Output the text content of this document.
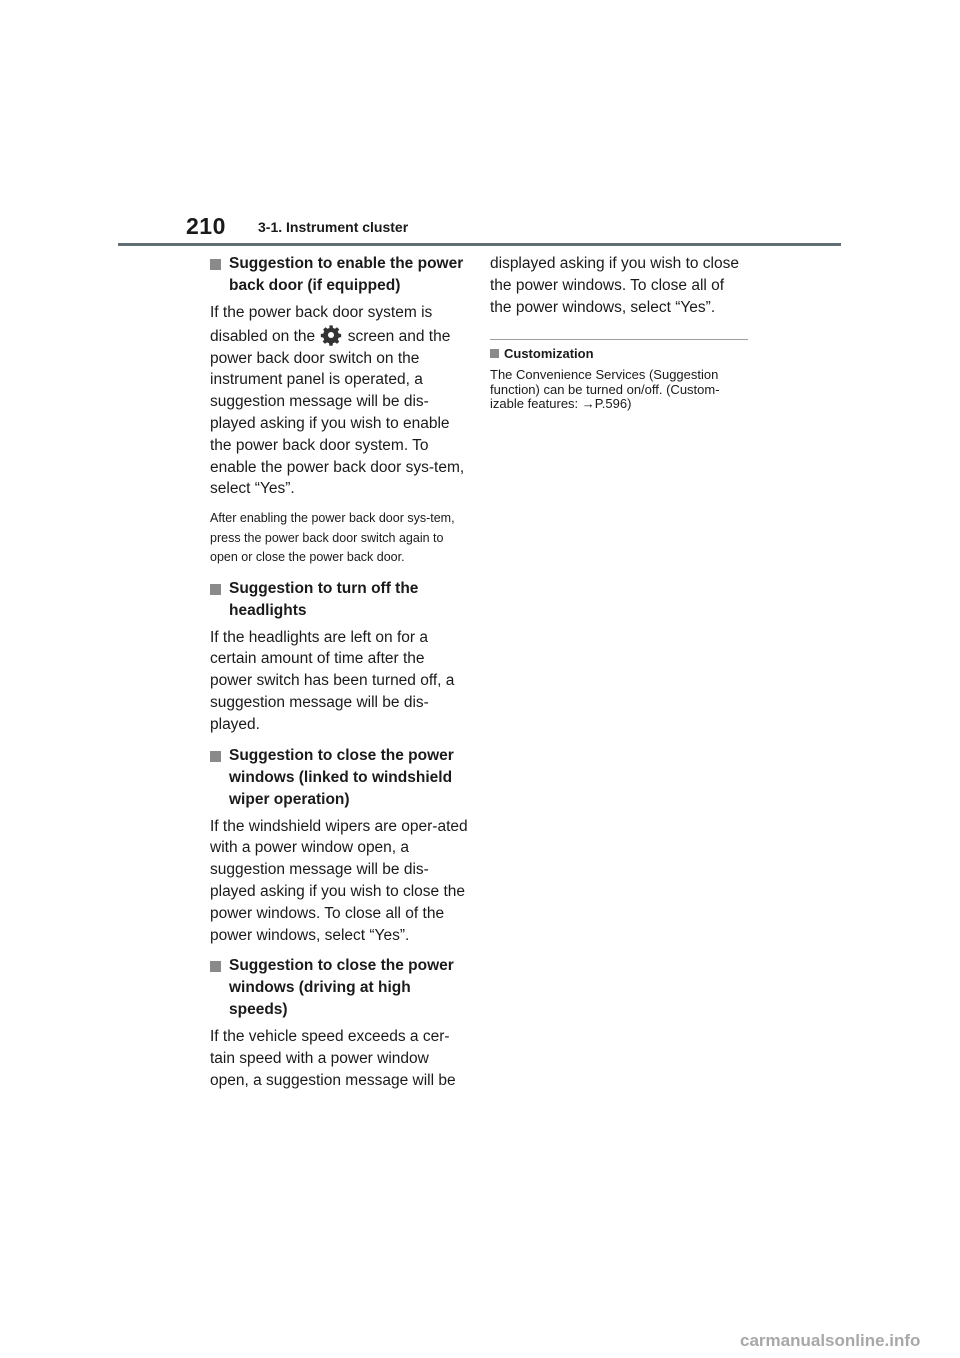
210 3-1. Instrument cluster
Suggestion to enable the power back door (if equipped)

If the power back door system is disabled on the screen and the power back door switch on the instrument panel is operated, a suggestion message will be dis-played asking if you wish to enable the power back door system. To enable the power back door sys-tem, select “Yes”.

After enabling the power back door sys-tem, press the power back door switch again to open or close the power back door.

Suggestion to turn off the headlights

If the headlights are left on for a certain amount of time after the power switch has been turned off, a suggestion message will be dis-played.

Suggestion to close the power windows (linked to windshield wiper operation)

If the windshield wipers are oper-ated with a power window open, a suggestion message will be dis-played asking if you wish to close the power windows. To close all of the power windows, select “Yes”.

Suggestion to close the power windows (driving at high speeds)

If the vehicle speed exceeds a cer-tain speed with a power window open, a suggestion message will be

displayed asking if you wish to close the power windows. To close all of the power windows, select “Yes”.

Customization

The Convenience Services (Suggestion function) can be turned on/off. (Custom-izable features: →P.596)

carmanualsonline.info
